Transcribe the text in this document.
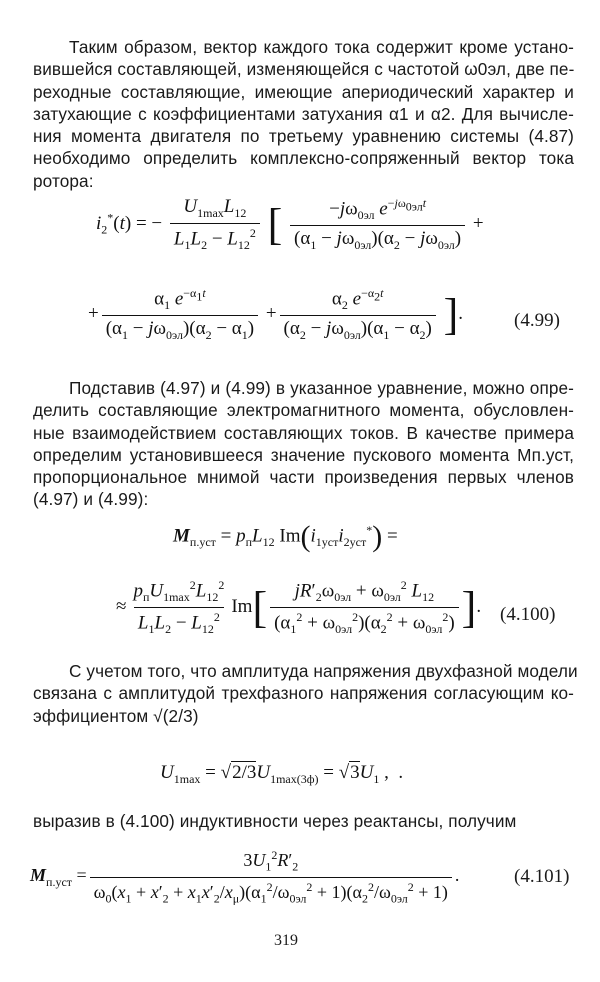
Таким образом, вектор каждого тока содержит кроме устано-
вившейся составляющей, изменяющейся с частотой ω0эл, две пе-
реходные составляющие, имеющие апериодический характер и
затухающие с коэффициентами затухания α1 и α2. Для вычисле-
ния момента двигателя по третьему уравнению системы (4.87)
необходимо определить комплексно-сопряженный вектор тока
ротора:
$i_2^*(t)$ = − $\frac{U_{1max}L_{12}}{L_1L_2 - L_{12}^2}$ [ $\frac{-j\omega_{0эл} e^{-j\omega_{0эл}t}}{(\alpha_1 - j\omega_{0эл})(\alpha_2 - j\omega_{0эл})}$ +
+ $\frac{\alpha_1 e^{-\alpha_1t}}{(\alpha_1 - j\omega_{0эл})(\alpha_2 - \alpha_1)} + \frac{\alpha_2 e^{-\alpha_2t}}{(\alpha_2 - j\omega_{0эл})(\alpha_1 - \alpha_2)}$ ].	(4.99)
Подставив (4.97) и (4.99) в указанное уравнение, можно опре-
делить составляющие электромагнитного момента, обусловлен-
ные взаимодействием составляющих токов. В качестве примера
определим установившееся значение пускового момента Mп.уст,
пропорциональное мнимой части произведения первых членов
(4.97) и (4.99):
$M_{п.уст} = p_пL_{12}$ $Im(i_{1уст}i_{2уст}^*)$ =
≈ $\frac{p_пU_{1max}^2L_{12}^2}{L_1L_2 - L_{12}^2} Im[ \frac{jR'_2\omega_{0эл} + \omega_{0эл}^2 L_{12}}{(\alpha_1^2 + \omega_{0эл}^2)(\alpha_2^2 + \omega_{0эл}^2)}$ ]. (4.100)
С учетом того, что амплитуда напряжения двухфазной модели
связана с амплитудой трехфазного напряжения согласующим ко-
эффициентом √(2/3)
$U_{1max} = √2/3U_{1max(3ф)} = √3U_1$ ,  .
выразив в (4.100) индуктивности через реактансы, получим
$M_{п.уст} = \frac{3U_1^2R'_2}{\omega_0(x_1 + x'_2 + x_1x'_2/x_\mu)(\alpha_1^2/\omega_{0эл}^2 + 1)(\alpha_2^2/\omega_{0эл}^2 + 1)}$ .	(4.101)
319
